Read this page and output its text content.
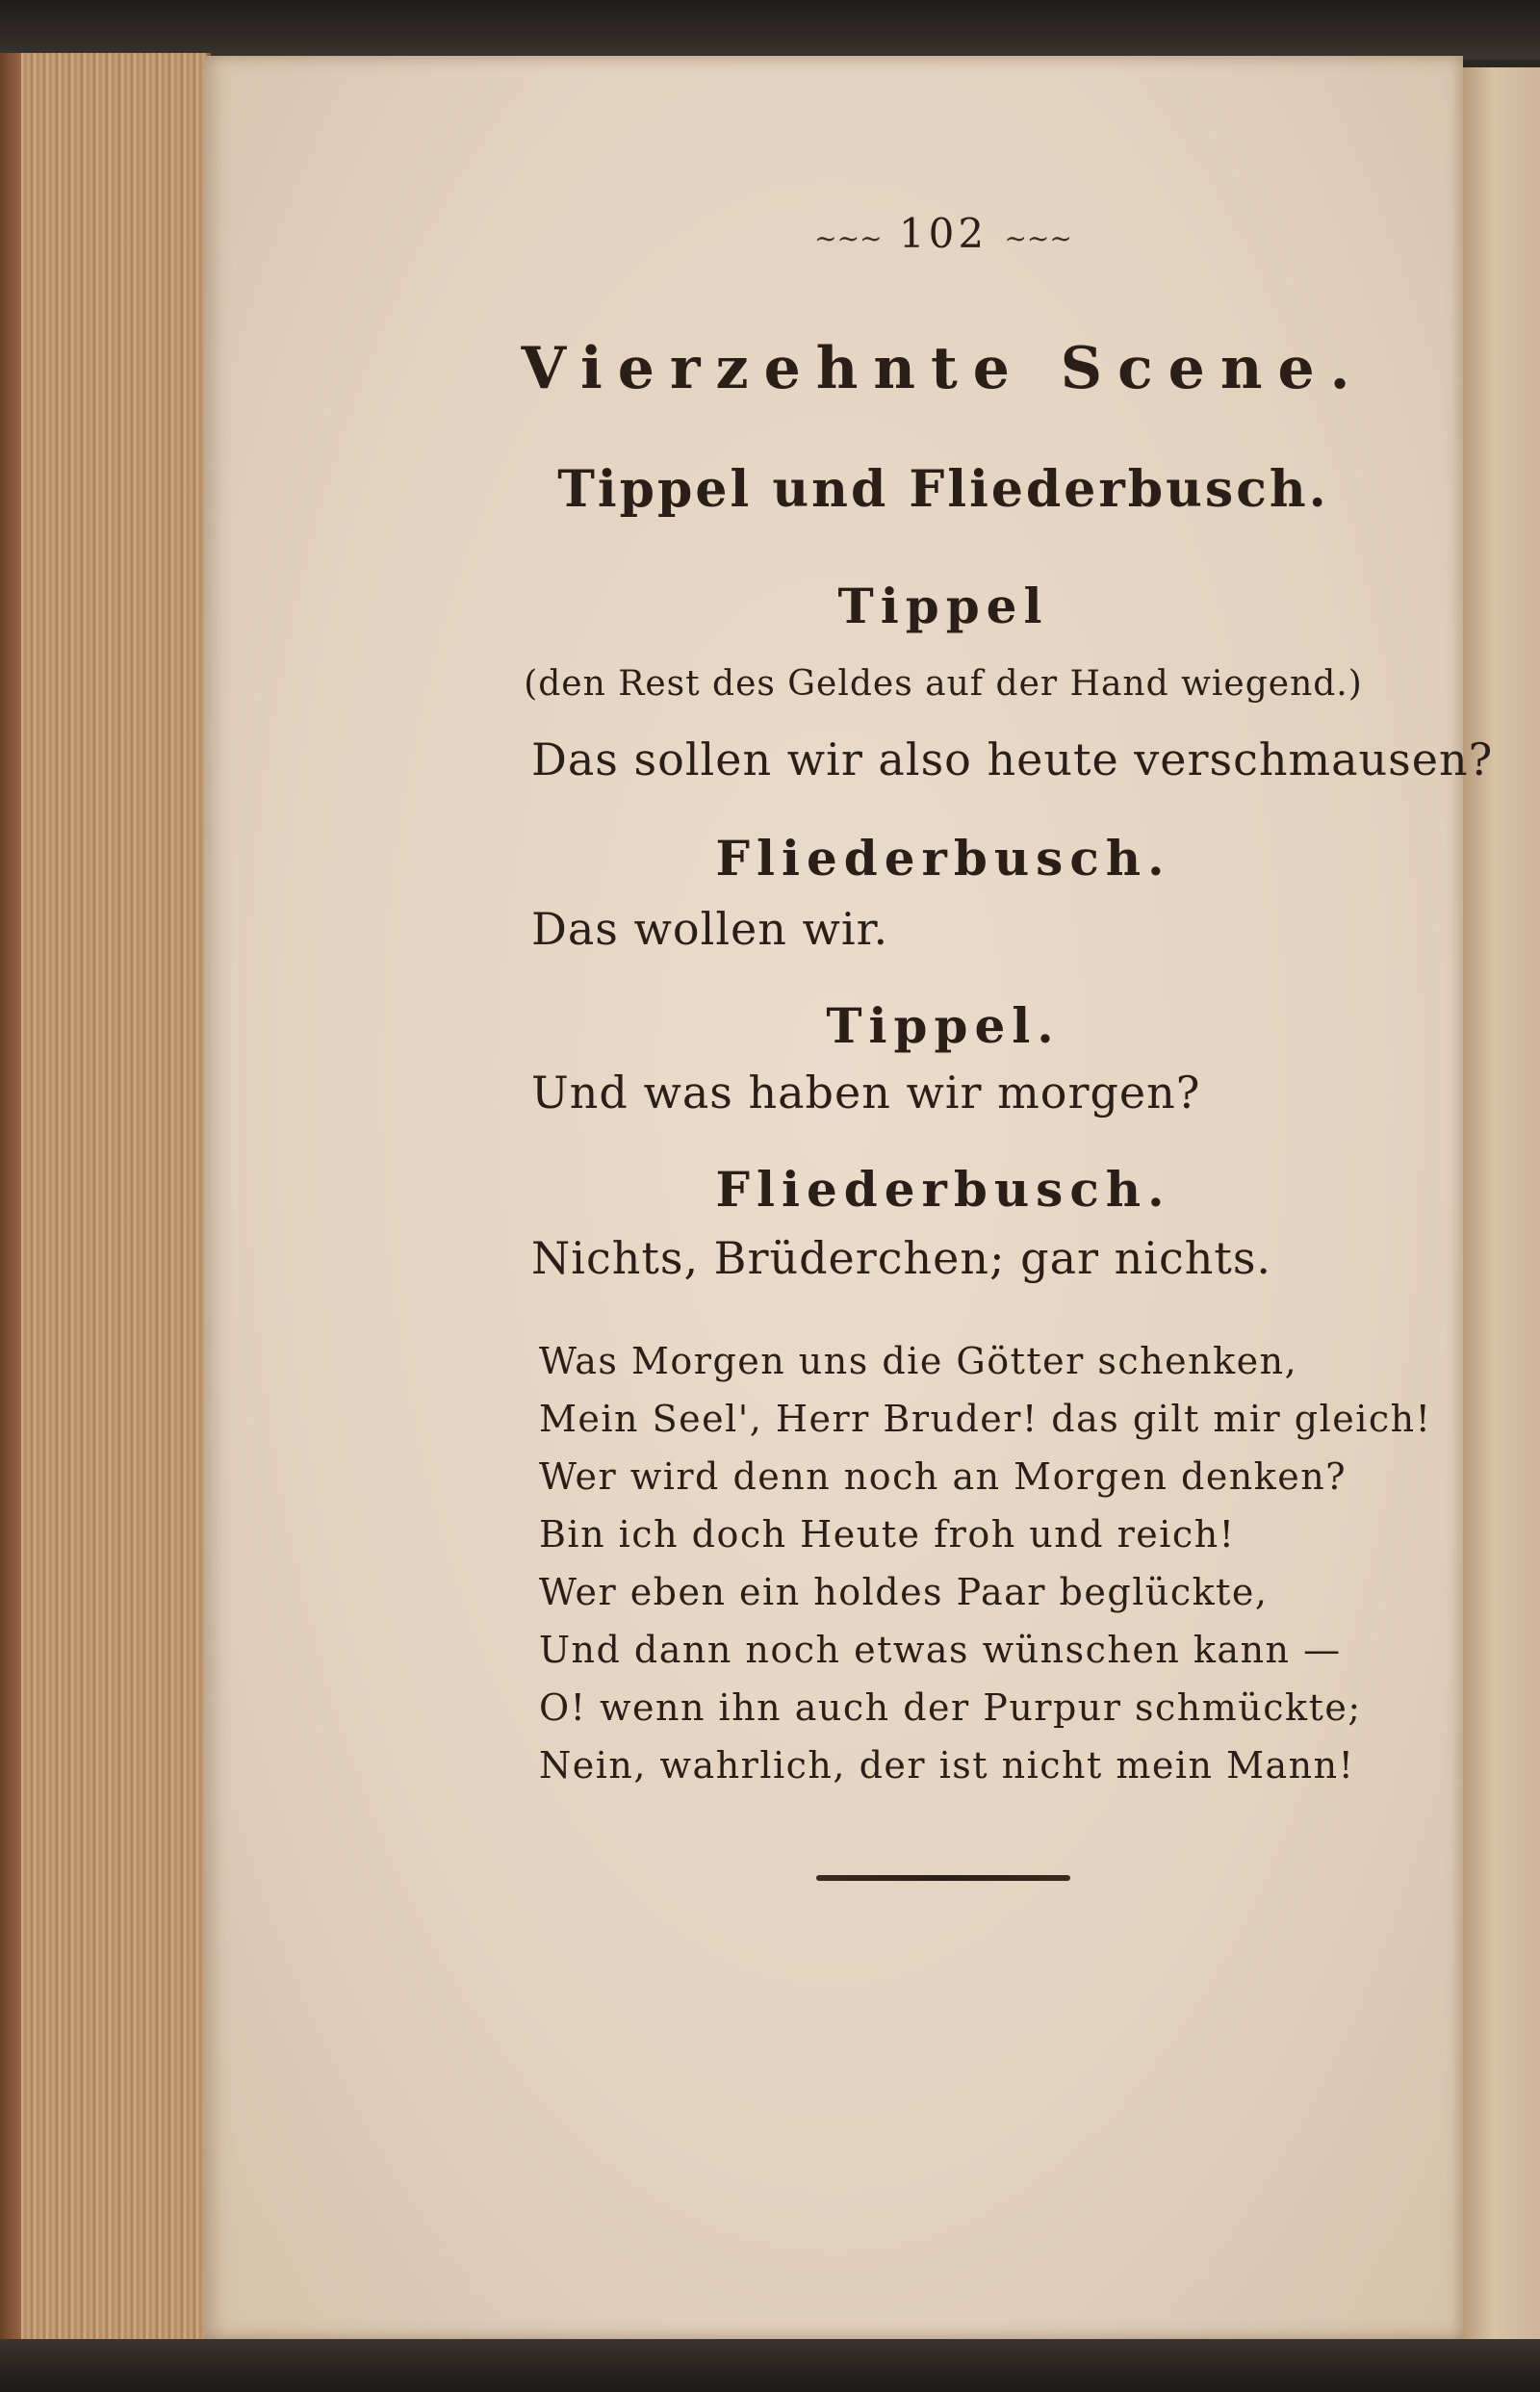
~~~ 102 ~~~
Vierzehnte Scene.
Tippel und Fliederbusch.
Tippel
(den Rest des Geldes auf der Hand wiegend.)
Das sollen wir also heute verschmausen?
Fliederbusch.
Das wollen wir.
Tippel.
Und was haben wir morgen?
Fliederbusch.
Nichts, Brüderchen; gar nichts.
Was Morgen uns die Götter schenken,
Mein Seel', Herr Bruder! das gilt mir gleich!
Wer wird denn noch an Morgen denken?
Bin ich doch Heute froh und reich!
Wer eben ein holdes Paar beglückte,
Und dann noch etwas wünschen kann —
O! wenn ihn auch der Purpur schmückte;
Nein, wahrlich, der ist nicht mein Mann!
